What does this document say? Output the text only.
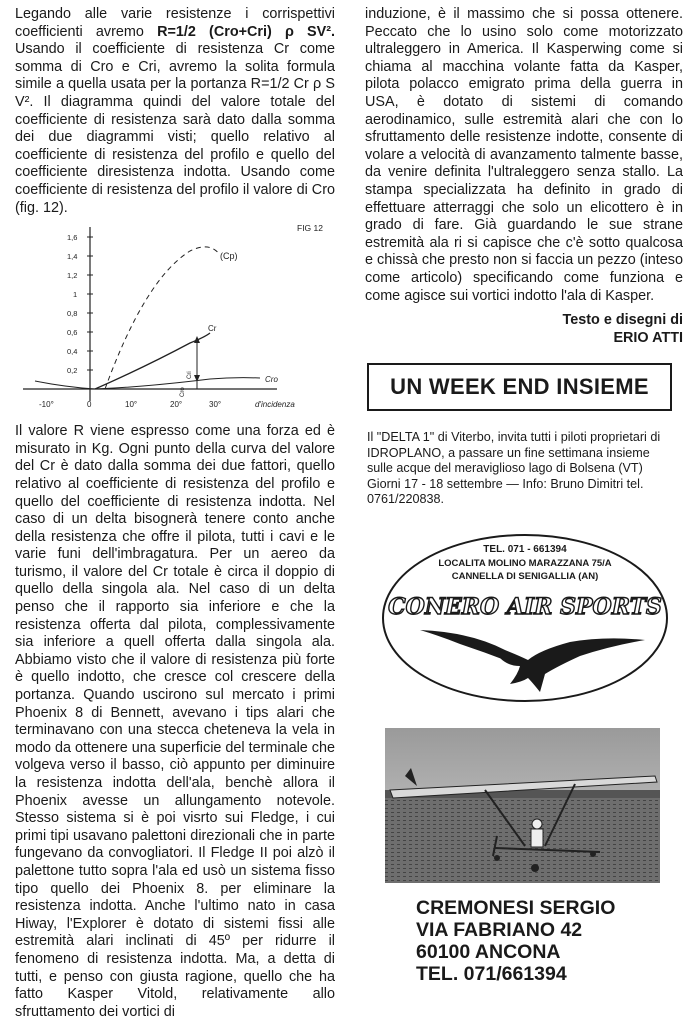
Legando alle varie resistenze i corrispettivi coefficienti avremo R=1/2 (Cro+Cri) ρ SV². Usando il coefficiente di resistenza Cr come somma di Cro e Cri, avremo la solita formula simile a quella usata per la portanza R=1/2 Cr ρ S V². Il diagramma quindi del valore totale del coefficiente di resistenza sarà dato dalla somma dei due diagrammi visti; quello relativo al coefficiente di resistenza del profilo e quello del coefficiente diresistenza indotta. Usando come coefficiente di resistenza del profilo il valore di Cro (fig. 12).

1,6
1,4
1,2
1
0,8
0,6
0,4
0,2
-10°	0	10°	20°	30°	d'incidenza
FIG 12
(Cp)
Cro
Cr
Cri
Cro

Il valore R viene espresso come una forza ed è misurato in Kg. Ogni punto della curva del valore del Cr è dato dalla somma dei due fattori, quello relativo al coefficiente di resistenza del profilo e quello del coefficiente di resistenza indotta. Nel caso di un delta bisognerà tenere conto anche della resistenza che offre il pilota, tutti i cavi e le varie funi dell'imbragatura. Per un aereo da turismo, il valore del Cr totale è circa il doppio di quello della singola ala. Nel caso di un delta penso che il rapporto sia inferiore e che la resistenza offerta dal pilota, complessivamente sia inferiore a quell offerta dalla singola ala. Abbiamo visto che il valore di resistenza più forte è quello indotto, che cresce col crescere della portanza. Quando uscirono sul mercato i primi Phoenix 8 di Bennett, avevano i tips alari che terminavano con una stecca cheteneva la vela in modo da ottenere una superficie del terminale che volgeva verso il basso, ciò appunto per diminuire la resistenza indotta dell'ala, benchè allora il Phoenix avesse un allungamento notevole. Stesso sistema si è poi visrto sui Fledge, i cui primi tipi usavano palettoni direzionali che in parte fungevano da convogliatori. Il Fledge II poi alzò il palettone tutto sopra l'ala ed usò un sistema fisso tipo quello dei Phoenix 8. per eliminare la resistenza indotta. Anche l'ultimo nato in casa Hiway, l'Explorer è dotato di sistemi fissi alle estremità alari inclinati di 45º per ridurre il fenomeno di resistenza indotta. Ma, a detta di tutti, e penso con giusta ragione, quello che ha fatto Kasper Vitold, relativamente allo sfruttamento dei vortici di

induzione, è il massimo che si possa ottenere. Peccato che lo usino solo come motorizzato ultraleggero in America. Il Kasperwing come si chiama al macchina volante fatta da Kasper, pilota polacco emigrato prima della guerra in USA, è dotato di sistemi di comando aerodinamico, sulle estremità alari che con lo sfruttamento delle resistenze indotte, consente di volare a velocità di avanzamento talmente basse, da venire definita l'ultraleggero senza stallo. La stampa specializzata ha definito in grado di effettuare atterraggi che solo un elicottero è in grado di fare. Già guardando le sue strane estremità ala ri si capisce che c'è sotto qualcosa e chissà che presto non si faccia un pezzo (inteso come articolo) specificando come funziona e come agisce sui vortici indotto l'ala di Kasper.

Testo e disegni di
ERIO ATTI
UN WEEK END INSIEME
Il "DELTA 1" di Viterbo, invita tutti i piloti proprietari di IDROPLANO, a passare un fine settimana insieme sulle acque del meraviglioso lago di Bolsena (VT) Giorni 17 - 18 settembre — Info: Bruno Dimitri tel. 0761/220838.
TEL. 071 - 661394
LOCALITA MOLINO MARAZZANA 75/A
CANNELLA DI SENIGALLIA (AN)
CONERO AIR SPORTS
CREMONESI SERGIO
VIA FABRIANO 42
60100 ANCONA
TEL. 071/661394
